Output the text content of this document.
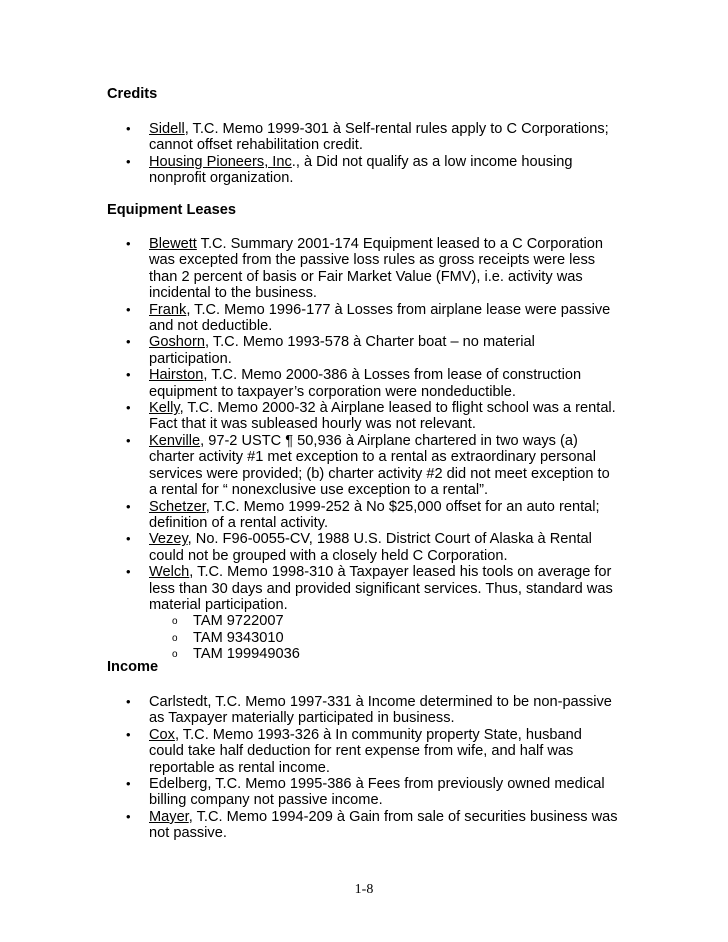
Credits
• Sidell, T.C. Memo 1999-301 à Self-rental rules apply to C Corporations; cannot offset rehabilitation credit.
• Housing Pioneers, Inc., à Did not qualify as a low income housing nonprofit organization.
Equipment Leases
• Blewett T.C. Summary 2001-174 Equipment leased to a C Corporation was excepted from the passive loss rules as gross receipts were less than 2 percent of basis or Fair Market Value (FMV), i.e. activity was incidental to the business.
• Frank, T.C. Memo 1996-177 à Losses from airplane lease were passive and not deductible.
• Goshorn, T.C. Memo 1993-578 à Charter boat – no material participation.
• Hairston, T.C. Memo 2000-386 à Losses from lease of construction equipment to taxpayer’s corporation were nondeductible.
• Kelly, T.C. Memo 2000-32 à Airplane leased to flight school was a rental. Fact that it was subleased hourly was not relevant.
• Kenville, 97-2 USTC ¶ 50,936 à Airplane chartered in two ways (a) charter activity #1 met exception to a rental as extraordinary personal services were provided; (b) charter activity #2 did not meet exception to a rental for “ nonexclusive use exception to a rental”.
• Schetzer, T.C. Memo 1999-252 à No $25,000 offset for an auto rental; definition of a rental activity.
• Vezey, No. F96-0055-CV, 1988 U.S. District Court of Alaska à Rental could not be grouped with a closely held C Corporation.
• Welch, T.C. Memo 1998-310 à Taxpayer leased his tools on average for less than 30 days and provided significant services. Thus, standard was material participation.
o TAM 9722007
o TAM 9343010
o TAM 199949036
Income
• Carlstedt, T.C. Memo 1997-331 à Income determined to be non-passive as Taxpayer materially participated in business.
• Cox, T.C. Memo 1993-326 à In community property State, husband could take half deduction for rent expense from wife, and half was reportable as rental income.
• Edelberg, T.C. Memo 1995-386 à Fees from previously owned medical billing company not passive income.
• Mayer, T.C. Memo 1994-209 à Gain from sale of securities business was not passive.
1-8
